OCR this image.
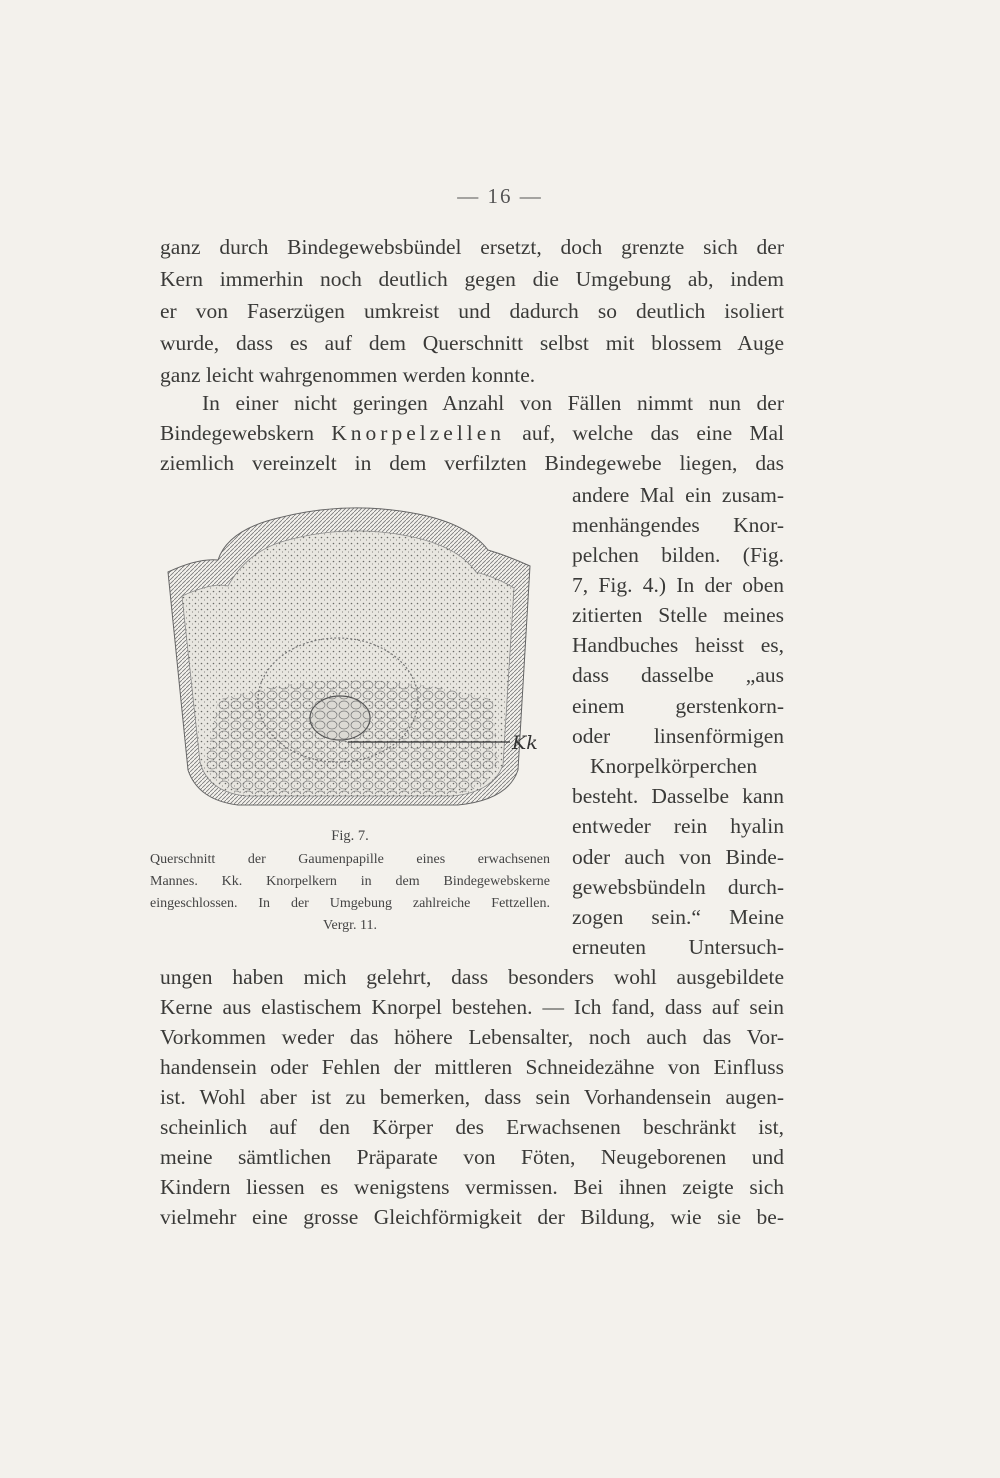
— 16 —
ganz durch Bindegewebsbündel ersetzt, doch grenzte sich der
Kern immerhin noch deutlich gegen die Umgebung ab, indem
er von Faserzügen umkreist und dadurch so deutlich isoliert
wurde, dass es auf dem Querschnitt selbst mit blossem Auge
ganz leicht wahrgenommen werden konnte.
In einer nicht geringen Anzahl von Fällen nimmt nun der
Bindegewebskern Knorpelzellen auf, welche das eine Mal
ziemlich vereinzelt in dem verfilzten Bindegewebe liegen, das
andere Mal ein zusam-
menhängendes Knor-
pelchen bilden. (Fig.
7, Fig. 4.) In der oben
zitierten Stelle meines
Handbuches heisst es,
dass dasselbe „aus
einem gerstenkorn-
oder linsenförmigen
Knorpelkörperchen
besteht. Dasselbe kann
entweder rein hyalin
oder auch von Binde-
gewebsbündeln durch-
zogen sein.“ Meine
erneuten Untersuch-
Kk
Fig. 7.
Querschnitt der Gaumenpapille eines erwachsenen
Mannes. Kk. Knorpelkern in dem Bindegewebskerne
eingeschlossen. In der Umgebung zahlreiche Fettzellen.
Vergr. 11.
ungen haben mich gelehrt, dass besonders wohl ausgebildete
Kerne aus elastischem Knorpel bestehen. — Ich fand, dass auf sein
Vorkommen weder das höhere Lebensalter, noch auch das Vor-
handensein oder Fehlen der mittleren Schneidezähne von Einfluss
ist. Wohl aber ist zu bemerken, dass sein Vorhandensein augen-
scheinlich auf den Körper des Erwachsenen beschränkt ist,
meine sämtlichen Präparate von Föten, Neugeborenen und
Kindern liessen es wenigstens vermissen. Bei ihnen zeigte sich
vielmehr eine grosse Gleichförmigkeit der Bildung, wie sie be-
